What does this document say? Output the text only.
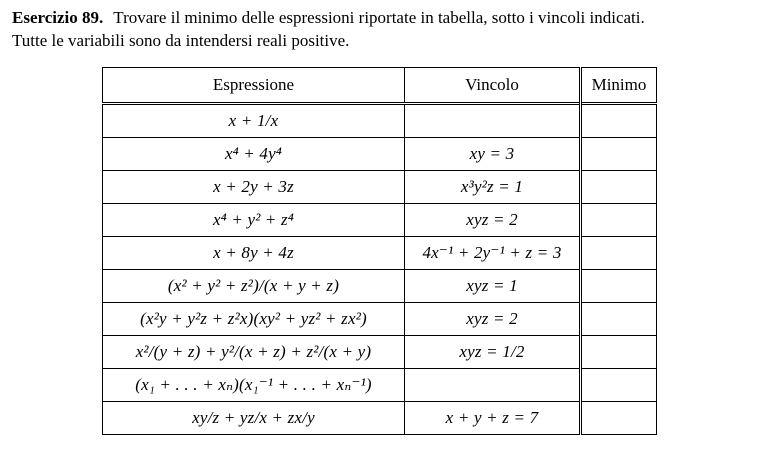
Esercizio 89. Trovare il minimo delle espressioni riportate in tabella, sotto i vincoli indicati.
Tutte le variabili sono da intendersi reali positive.
Espressione	Vincolo	Minimo
x + 1/x		
x⁴ + 4y⁴	xy = 3	
x + 2y + 3z	x³y²z = 1	
x⁴ + y² + z⁴	xyz = 2	
x + 8y + 4z	4x⁻¹ + 2y⁻¹ + z = 3	
(x² + y² + z²)/(x + y + z)	xyz = 1	
(x²y + y²z + z²x)(xy² + yz² + zx²)	xyz = 2	
x²/(y + z) + y²/(x + z) + z²/(x + y)	xyz = 1/2	
(x₁ + . . . + xₙ)(x₁⁻¹ + . . . + xₙ⁻¹)		
xy/z + yz/x + zx/y	x + y + z = 7	
